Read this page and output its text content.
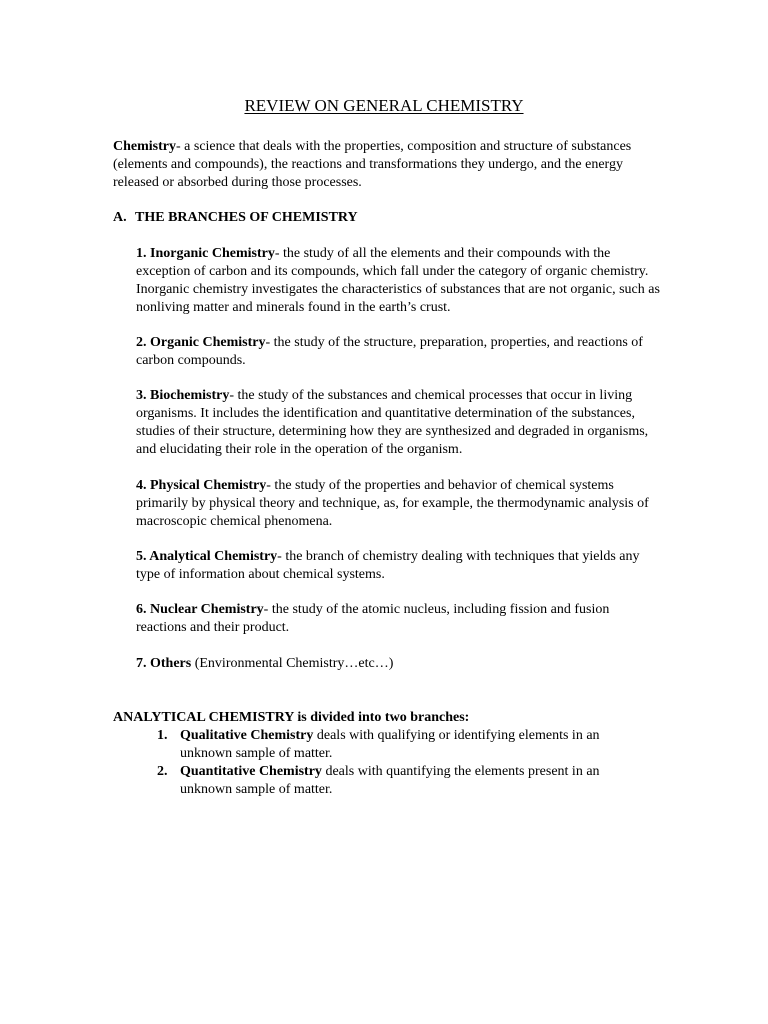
REVIEW ON GENERAL CHEMISTRY

Chemistry- a science that deals with the properties, composition and structure of substances (elements and compounds), the reactions and transformations they undergo, and the energy released or absorbed during those processes.

A. THE BRANCHES OF CHEMISTRY

1. Inorganic Chemistry- the study of all the elements and their compounds with the exception of carbon and its compounds, which fall under the category of organic chemistry. Inorganic chemistry investigates the characteristics of substances that are not organic, such as nonliving matter and minerals found in the earth’s crust.

2. Organic Chemistry- the study of the structure, preparation, properties, and reactions of carbon compounds.

3. Biochemistry- the study of the substances and chemical processes that occur in living organisms. It includes the identification and quantitative determination of the substances, studies of their structure, determining how they are synthesized and degraded in organisms, and elucidating their role in the operation of the organism.

4. Physical Chemistry- the study of the properties and behavior of chemical systems primarily by physical theory and technique, as, for example, the thermodynamic analysis of macroscopic chemical phenomena.

5. Analytical Chemistry- the branch of chemistry dealing with techniques that yields any type of information about chemical systems.

6. Nuclear Chemistry- the study of the atomic nucleus, including fission and fusion reactions and their product.

7. Others (Environmental Chemistry…etc…)

ANALYTICAL CHEMISTRY is divided into two branches:
1. Qualitative Chemistry deals with qualifying or identifying elements in an unknown sample of matter.
2. Quantitative Chemistry deals with quantifying the elements present in an unknown sample of matter.
